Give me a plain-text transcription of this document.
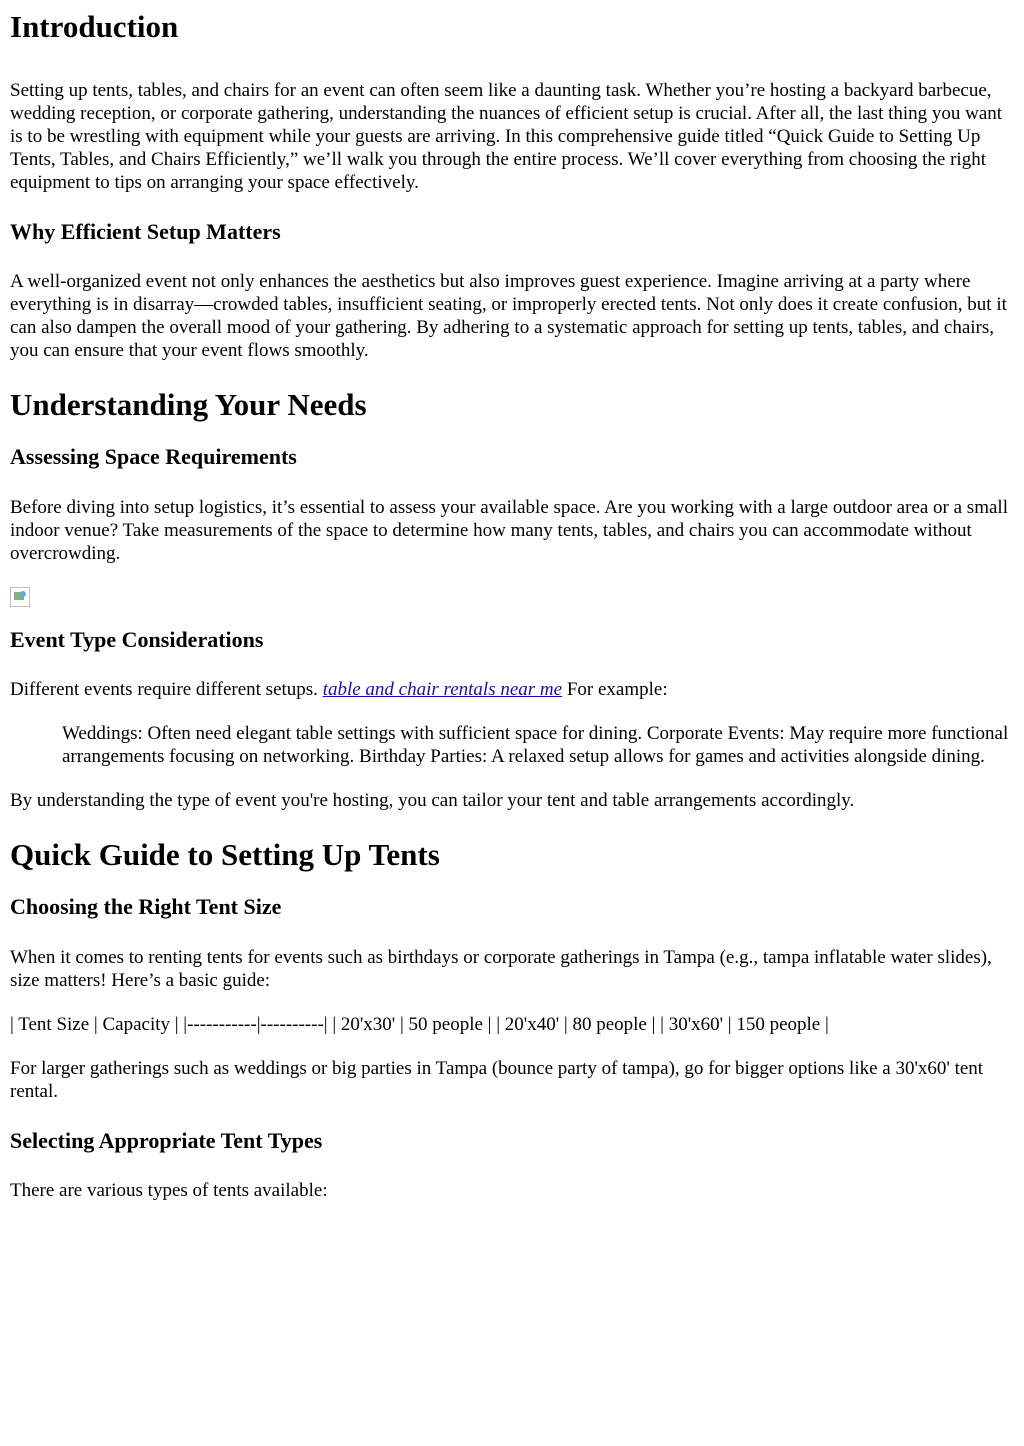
Introduction

Setting up tents, tables, and chairs for an event can often seem like a daunting task. Whether you’re hosting a backyard barbecue, wedding reception, or corporate gathering, understanding the nuances of efficient setup is crucial. After all, the last thing you want is to be wrestling with equipment while your guests are arriving. In this comprehensive guide titled “Quick Guide to Setting Up Tents, Tables, and Chairs Efficiently,” we’ll walk you through the entire process. We’ll cover everything from choosing the right equipment to tips on arranging your space effectively.

Why Efficient Setup Matters

A well-organized event not only enhances the aesthetics but also improves guest experience. Imagine arriving at a party where everything is in disarray—crowded tables, insufficient seating, or improperly erected tents. Not only does it create confusion, but it can also dampen the overall mood of your gathering. By adhering to a systematic approach for setting up tents, tables, and chairs, you can ensure that your event flows smoothly.

Understanding Your Needs
Assessing Space Requirements

Before diving into setup logistics, it’s essential to assess your available space. Are you working with a large outdoor area or a small indoor venue? Take measurements of the space to determine how many tents, tables, and chairs you can accommodate without overcrowding.

Event Type Considerations

Different events require different setups. table and chair rentals near me For example:

Weddings: Often need elegant table settings with sufficient space for dining. Corporate Events: May require more functional arrangements focusing on networking. Birthday Parties: A relaxed setup allows for games and activities alongside dining.

By understanding the type of event you're hosting, you can tailor your tent and table arrangements accordingly.

Quick Guide to Setting Up Tents
Choosing the Right Tent Size

When it comes to renting tents for events such as birthdays or corporate gatherings in Tampa (e.g., tampa inflatable water slides), size matters! Here’s a basic guide:

| Tent Size | Capacity | |-----------|----------| | 20'x30' | 50 people | | 20'x40' | 80 people | | 30'x60' | 150 people |

For larger gatherings such as weddings or big parties in Tampa (bounce party of tampa), go for bigger options like a 30'x60' tent rental.

Selecting Appropriate Tent Types

There are various types of tents available:
